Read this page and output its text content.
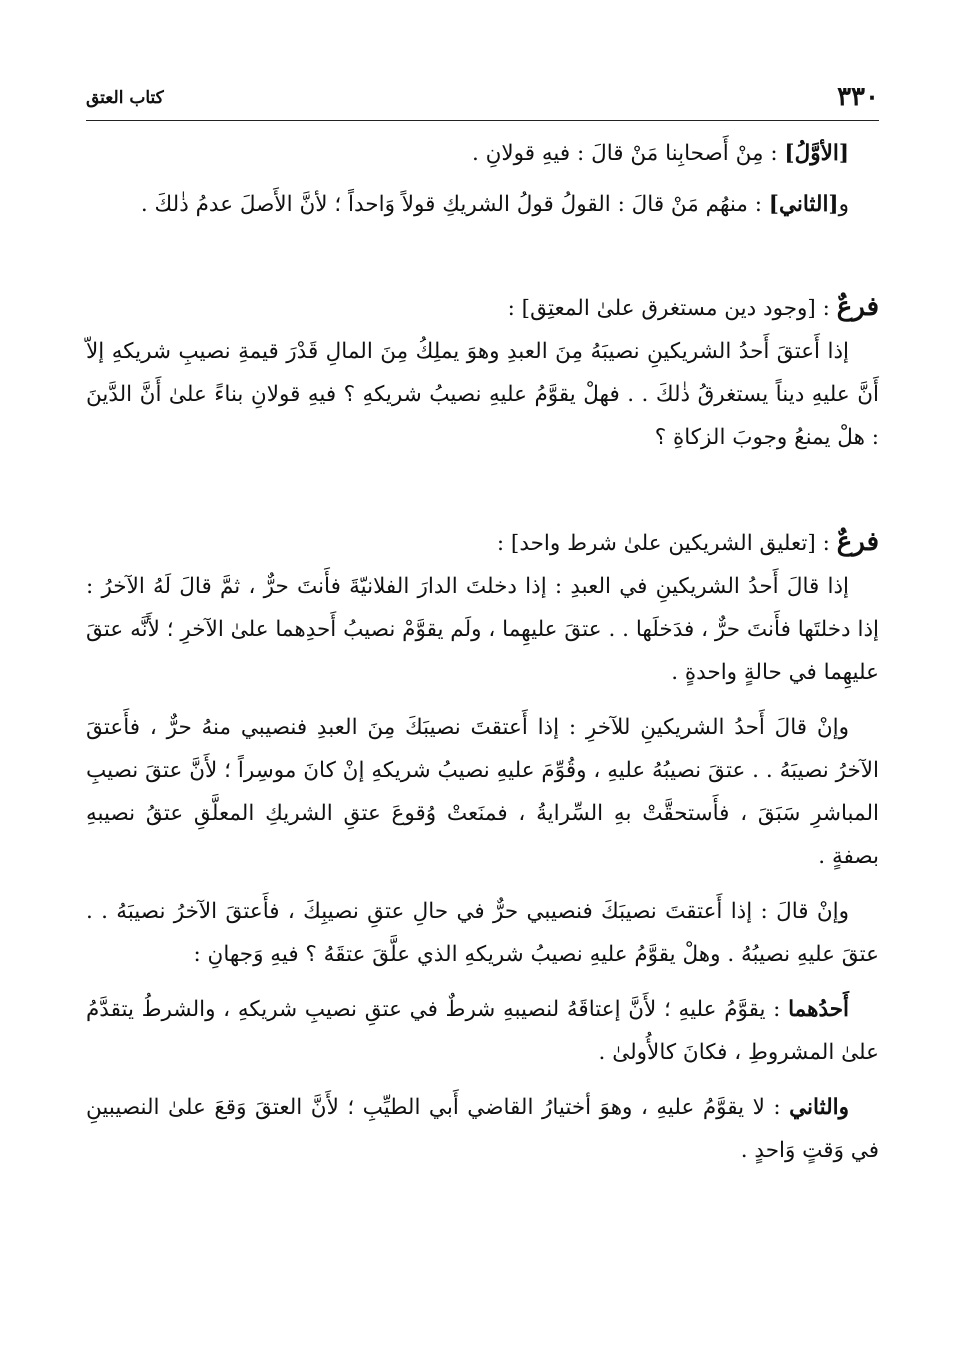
٣٣٠
كتاب العتق

[الأوَّلُ] : مِنْ أَصحابِنا مَنْ قالَ : فيهِ قولانِ .

و[الثاني] : منهُم مَنْ قالَ : القولُ قولُ الشريكِ قولاً وَاحداً ؛ لأنَّ الأَصلَ عدمُ ذٰلكَ .

فرعٌ : [وجود دين مستغرق علىٰ المعتِق] :

إذا أَعتقَ أَحدُ الشريكينِ نصيبَهُ مِنَ العبدِ وهوَ يملِكُ مِنَ المالِ قَدْرَ قيمةِ نصيبِ شريكهِ إلاّ أَنَّ عليهِ ديناً يستغرقُ ذٰلكَ . . فهلْ يقوَّمُ عليهِ نصيبُ شريكهِ ؟ فيهِ قولانِ بناءً علىٰ أَنَّ الدَّينَ : هلْ يمنعُ وجوبَ الزكاةِ ؟

فرعٌ : [تعليق الشريكين علىٰ شرط واحد] :

إذا قالَ أَحدُ الشريكينِ في العبدِ : إذا دخلتَ الدارَ الفلانيّةَ فأَنتَ حرٌّ ، ثمَّ قالَ لَهُ الآخرُ : إذا دخلتَها فأَنتَ حرٌّ ، فدَخلَها . . عتقَ عليهِما ، ولَم يقوَّمْ نصيبُ أَحدِهما علىٰ الآخرِ ؛ لأَنَّه عتقَ عليهِما في حالةٍ واحدةٍ .

وإنْ قالَ أَحدُ الشريكينِ للآخرِ : إذا أَعتقتَ نصيبَكَ مِنَ العبدِ فنصيبي منهُ حرٌّ ، فأَعتقَ الآخرُ نصيبَهُ . . عتقَ نصيبُهُ عليهِ ، وقُوِّمَ عليهِ نصيبُ شريكهِ إنْ كانَ موسِراً ؛ لأَنَّ عتقَ نصيبِ المباشرِ سَبَقَ ، فأَستحقَّتْ بهِ السِّرايةُ ، فمنَعتْ وُقوعَ عتقِ الشريكِ المعلَّقِ عتقُ نصيبهِ بصفةٍ .

وإنْ قالَ : إذا أَعتقتَ نصيبَكَ فنصيبي حرٌّ في حالِ عتقِ نصيبِكَ ، فأَعتقَ الآخرُ نصيبَهُ . . عتقَ عليهِ نصيبُهُ . وهلْ يقوَّمُ عليهِ نصيبُ شريكهِ الذي علَّقَ عتقَهُ ؟ فيهِ وَجهانِ :

أَحدُهما : يقوَّمُ عليهِ ؛ لأَنَّ إعتاقَهُ لنصيبهِ شرطٌ في عتقِ نصيبِ شريكهِ ، والشرطُ يتقدَّمُ علىٰ المشروطِ ، فكانَ كالأُولىٰ .

والثاني : لا يقوَّمُ عليهِ ، وهوَ أختيارُ القاضي أَبي الطيِّبِ ؛ لأَنَّ العتقَ وَقعَ علىٰ النصيبينِ في وَقتٍ وَاحدٍ .
